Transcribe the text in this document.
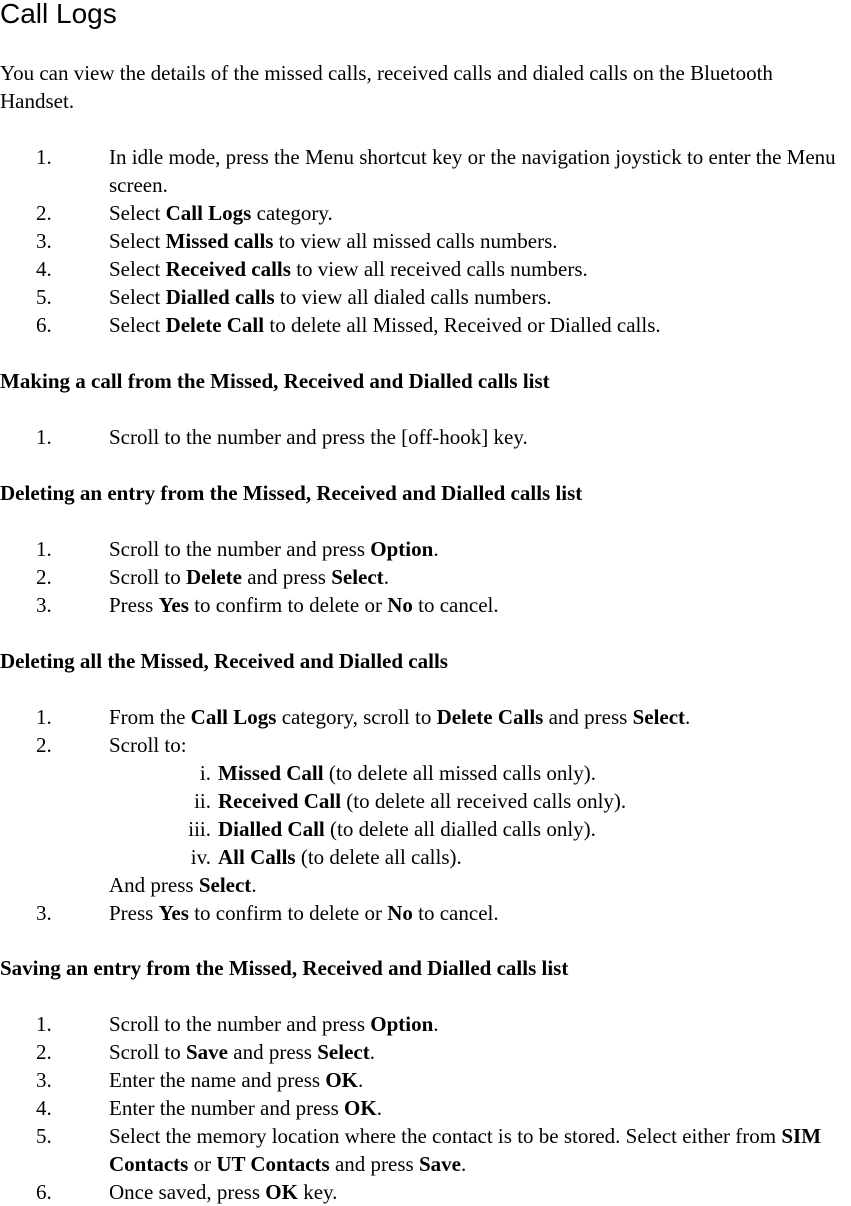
Call Logs

You can view the details of the missed calls, received calls and dialed calls on the Bluetooth Handset.

1.	In idle mode, press the Menu shortcut key or the navigation joystick to enter the Menu screen.
2.	Select Call Logs category.
3.	Select Missed calls to view all missed calls numbers.
4.	Select Received calls to view all received calls numbers.
5.	Select Dialled calls to view all dialed calls numbers.
6.	Select Delete Call to delete all Missed, Received or Dialled calls.

Making a call from the Missed, Received and Dialled calls list

1.	Scroll to the number and press the [off-hook] key.

Deleting an entry from the Missed, Received and Dialled calls list

1.	Scroll to the number and press Option.
2.	Scroll to Delete and press Select.
3.	Press Yes to confirm to delete or No to cancel.

Deleting all the Missed, Received and Dialled calls

1.	From the Call Logs category, scroll to Delete Calls and press Select.
2.	Scroll to:
i. Missed Call (to delete all missed calls only).
ii. Received Call (to delete all received calls only).
iii. Dialled Call (to delete all dialled calls only).
iv. All Calls (to delete all calls).
And press Select.
3.	Press Yes to confirm to delete or No to cancel.

Saving an entry from the Missed, Received and Dialled calls list

1.	Scroll to the number and press Option.
2.	Scroll to Save and press Select.
3.	Enter the name and press OK.
4.	Enter the number and press OK.
5.	Select the memory location where the contact is to be stored. Select either from SIM Contacts or UT Contacts and press Save.
6.	Once saved, press OK key.
